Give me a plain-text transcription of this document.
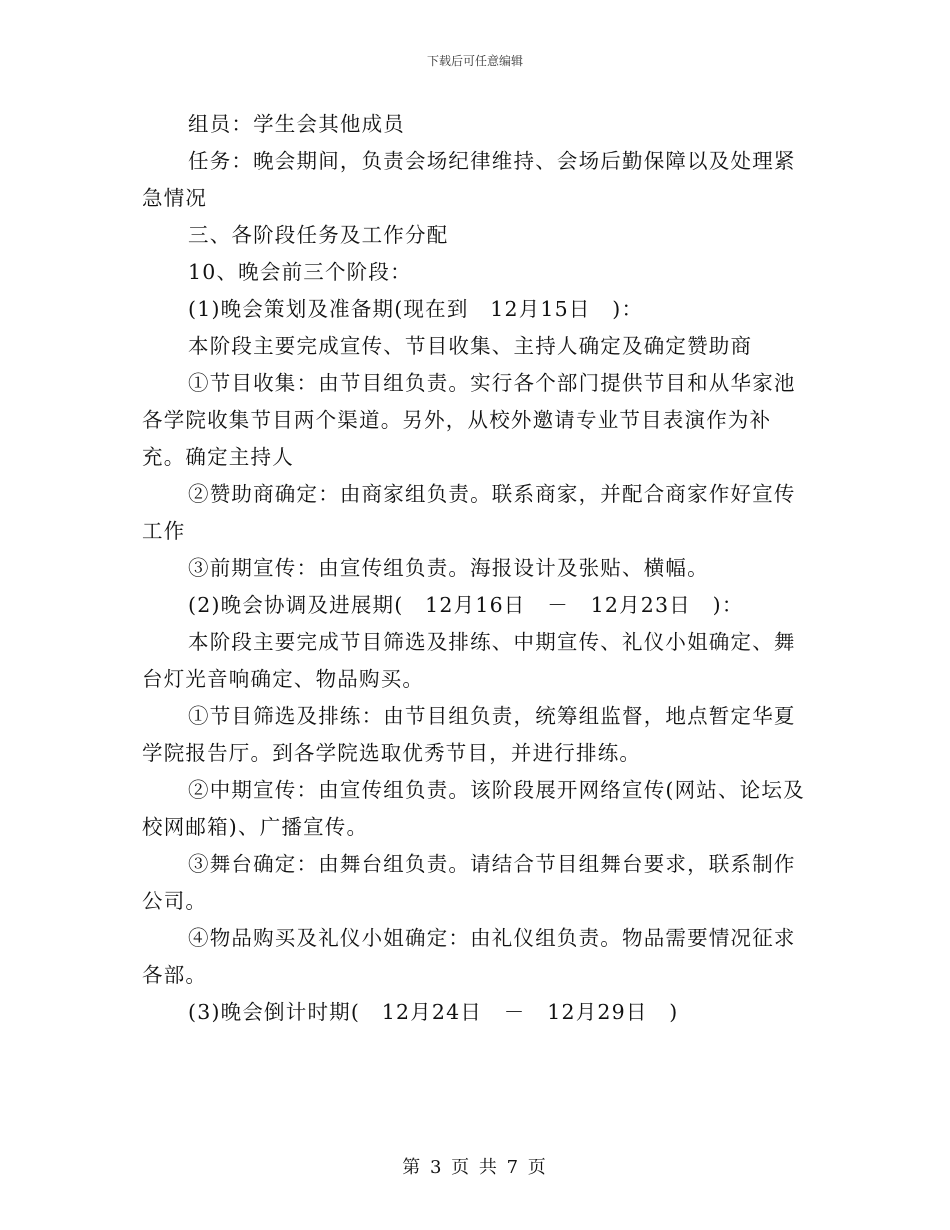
下载后可任意编辑

组员：学生会其他成员

任务：晚会期间，负责会场纪律维持、会场后勤保障以及处理紧急情况

三、各阶段任务及工作分配

10、晚会前三个阶段：

(1)晚会策划及准备期(现在到　12月15日　)：

本阶段主要完成宣传、节目收集、主持人确定及确定赞助商

①节目收集：由节目组负责。实行各个部门提供节目和从华家池各学院收集节目两个渠道。另外，从校外邀请专业节目表演作为补充。确定主持人

②赞助商确定：由商家组负责。联系商家，并配合商家作好宣传工作

③前期宣传：由宣传组负责。海报设计及张贴、横幅。

(2)晚会协调及进展期(　12月16日　－　12月23日　)：

本阶段主要完成节目筛选及排练、中期宣传、礼仪小姐确定、舞台灯光音响确定、物品购买。

①节目筛选及排练：由节目组负责，统筹组监督，地点暂定华夏学院报告厅。到各学院选取优秀节目，并进行排练。

②中期宣传：由宣传组负责。该阶段展开网络宣传(网站、论坛及校网邮箱)、广播宣传。

③舞台确定：由舞台组负责。请结合节目组舞台要求，联系制作公司。

④物品购买及礼仪小姐确定：由礼仪组负责。物品需要情况征求各部。

(3)晚会倒计时期(　12月24日　－　12月29日　)

第 3 页 共 7 页
